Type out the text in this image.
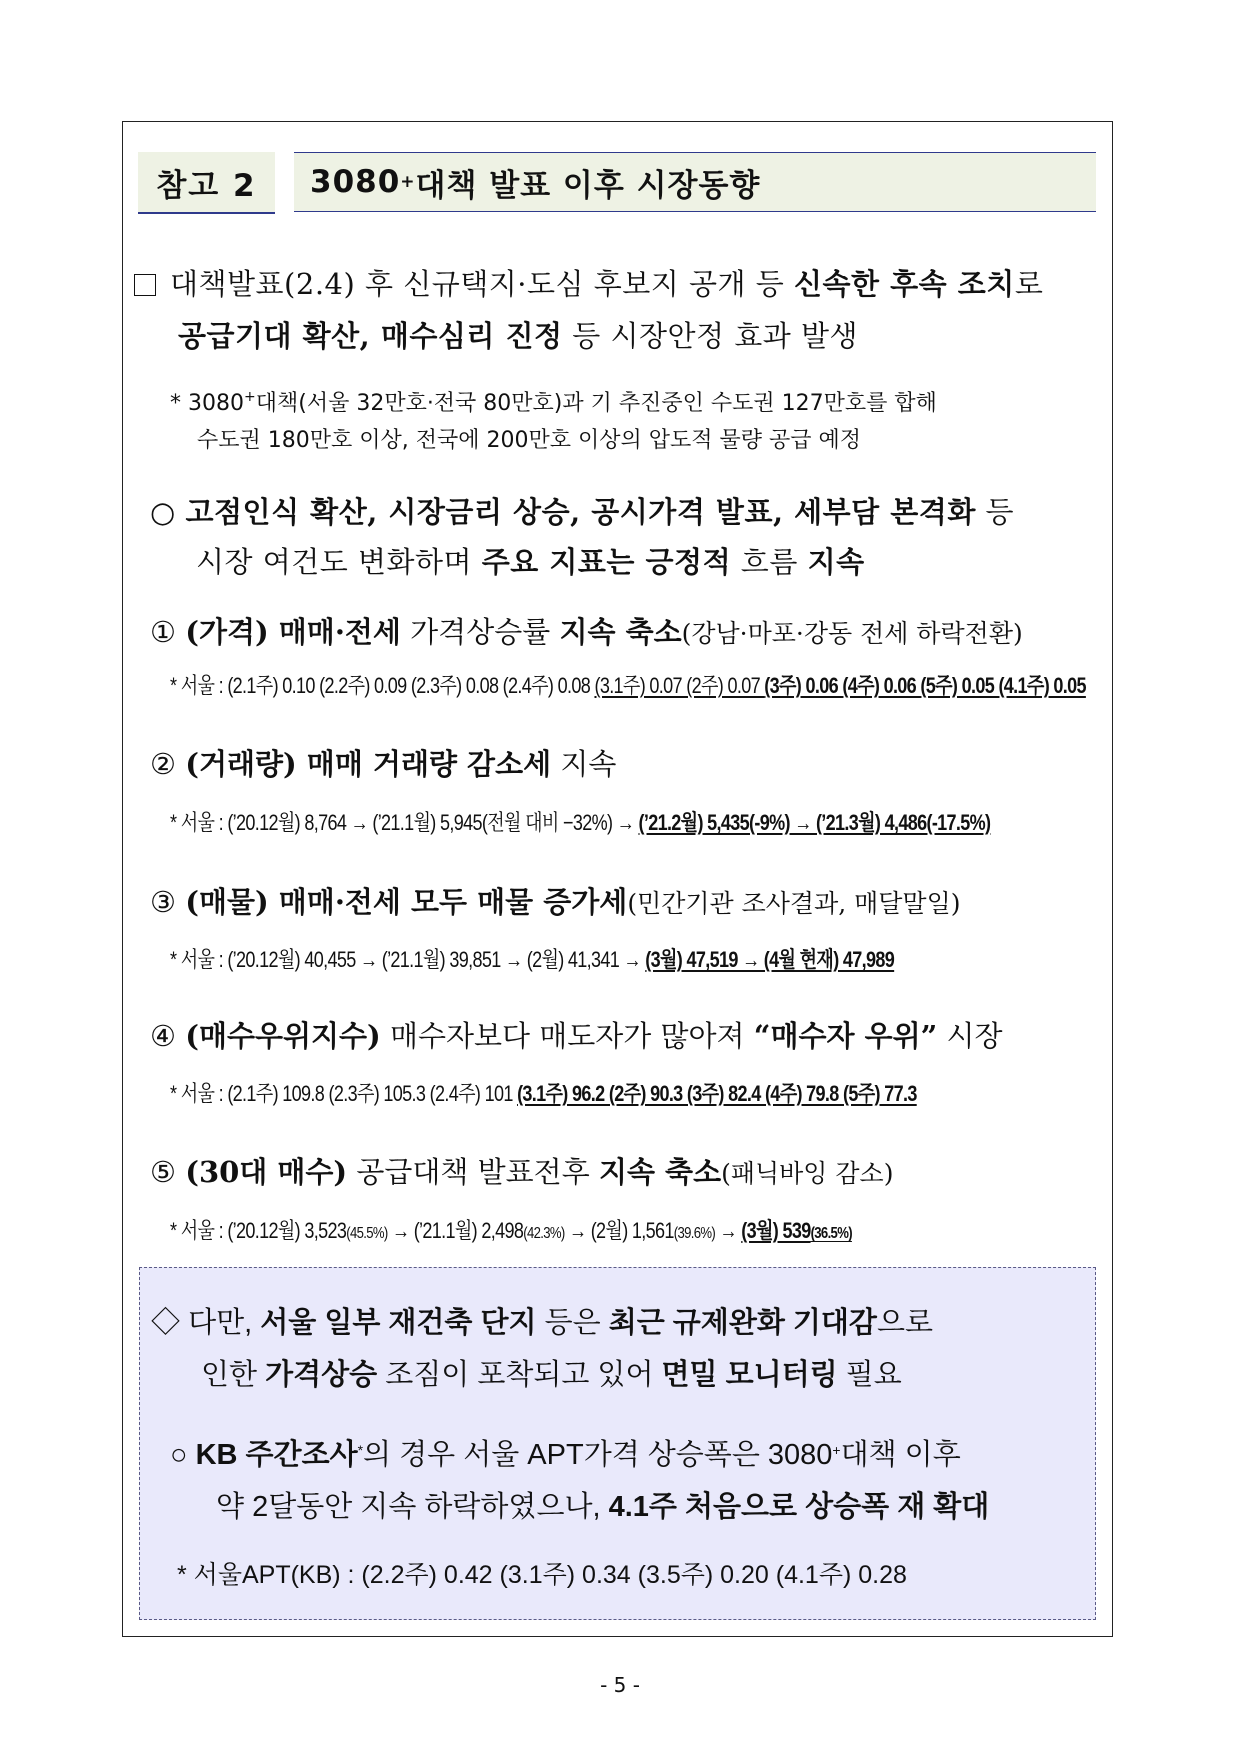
참고 2 3080 + 대책 발표 이후 시장동향
대책발표(2.4) 후 신규택지·도심 후보지 공개 등 신속한 후속 조치로
공급기대 확산, 매수심리 진정 등 시장안정 효과 발생
* 3080+대책(서울 32만호·전국 80만호)과 기 추진중인 수도권 127만호를 합해
수도권 180만호 이상, 전국에 200만호 이상의 압도적 물량 공급 예정
○ 고점인식 확산, 시장금리 상승, 공시가격 발표, 세부담 본격화 등
시장 여건도 변화하며 주요 지표는 긍정적 흐름 지속
① (가격) 매매·전세 가격상승률 지속 축소(강남·마포·강동 전세 하락전환)
* 서울 : (2.1주) 0.10 (2.2주) 0.09 (2.3주) 0.08 (2.4주) 0.08 (3.1주) 0.07 (2주) 0.07 (3주) 0.06 (4주) 0.06 (5주) 0.05 (4.1주) 0.05
② (거래량) 매매 거래량 감소세 지속
* 서울 : (’20.12월) 8,764 → (’21.1월) 5,945(전월 대비 −32%) → (’21.2월) 5,435(-9%) → (’21.3월) 4,486(-17.5%)
③ (매물) 매매·전세 모두 매물 증가세(민간기관 조사결과, 매달말일)
* 서울 : (’20.12월) 40,455 → (’21.1월) 39,851 → (2월) 41,341 → (3월) 47,519 → (4월 현재) 47,989
④ (매수우위지수) 매수자보다 매도자가 많아져 “매수자 우위” 시장
* 서울 : (2.1주) 109.8 (2.3주) 105.3 (2.4주) 101 (3.1주) 96.2 (2주) 90.3 (3주) 82.4 (4주) 79.8 (5주) 77.3
⑤ (30대 매수) 공급대책 발표전후 지속 축소(패닉바잉 감소)
* 서울 : (’20.12월) 3,523(45.5%) → (’21.1월) 2,498(42.3%) → (2월) 1,561(39.6%) → (3월) 539(36.5%)
◇ 다만, 서울 일부 재건축 단지 등은 최근 규제완화 기대감으로
인한 가격상승 조짐이 포착되고 있어 면밀 모니터링 필요
○ KB 주간조사*의 경우 서울 APT가격 상승폭은 3080+대책 이후
약 2달동안 지속 하락하였으나, 4.1주 처음으로 상승폭 재 확대
* 서울APT(KB) : (2.2주) 0.42 (3.1주) 0.34 (3.5주) 0.20 (4.1주) 0.28
- 5 -
